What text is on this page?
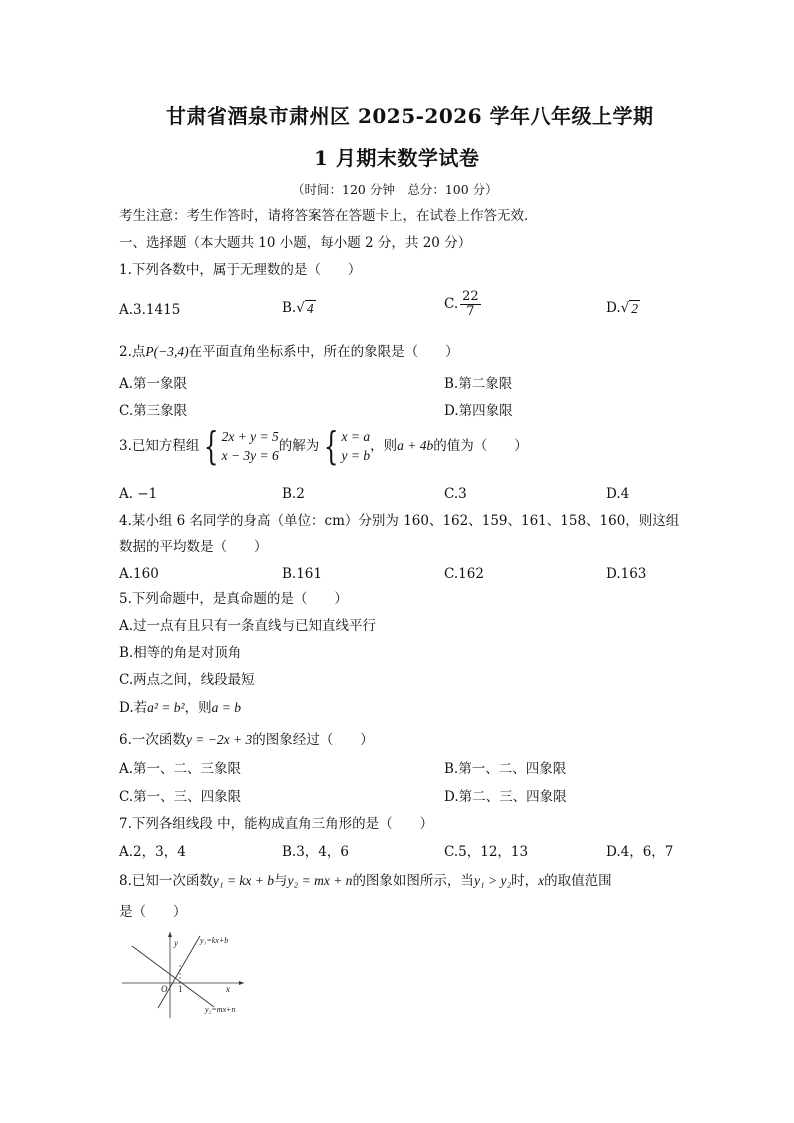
甘肃省酒泉市肃州区 2025-2026 学年八年级上学期
1 月期末数学试卷
（时间：120 分钟　总分：100 分）
考生注意：考生作答时，请将答案答在答题卡上，在试卷上作答无效．
一、选择题（本大题共 10 小题，每小题 2 分，共 20 分）
1.下列各数中，属于无理数的是（　　）
A.3.1415	B.√ 4	C. $\frac{22}{7}$	D.√ 2
2.点P(−3,4)在平面直角坐标系中，所在的象限是（　　）
A.第一象限	B.第二象限
C.第三象限	D.第四象限
3.已知方程组 { 2x + y = 5
x − 3y = 6
的解为 { x = a
y = b
，则 a + 4b 的值为（　　）
A. −1	B.2	C.3	D.4
4.某小组 6 名同学的身高（单位：cm）分别为 160、162、159、161、158、160，则这组
数据的平均数是（　　）
A.160	B.161	C.162	D.163
5.下列命题中，是真命题的是（　　）
A.过一点有且只有一条直线与已知直线平行
B.相等的角是对顶角
C.两点之间，线段最短
D.若a² = b²，则a = b
6.一次函数y = −2x + 3的图象经过（　　）
A.第一、二、三象限	B.第一、二、四象限
C.第一、三、四象限	D.第二、三、四象限
7.下列各组线段 中，能构成直角三角形的是（　　）
A.2，3，4	B.3，4，6	C.5，12，13	D.4，6，7
8.已知一次函数y₁ = kx + b与y₂ = mx + n的图象如图所示，当y₁ > y₂时，x的取值范围
是（　　）
y₁=kx+b
y₂=mx+n
x
y
O 1
